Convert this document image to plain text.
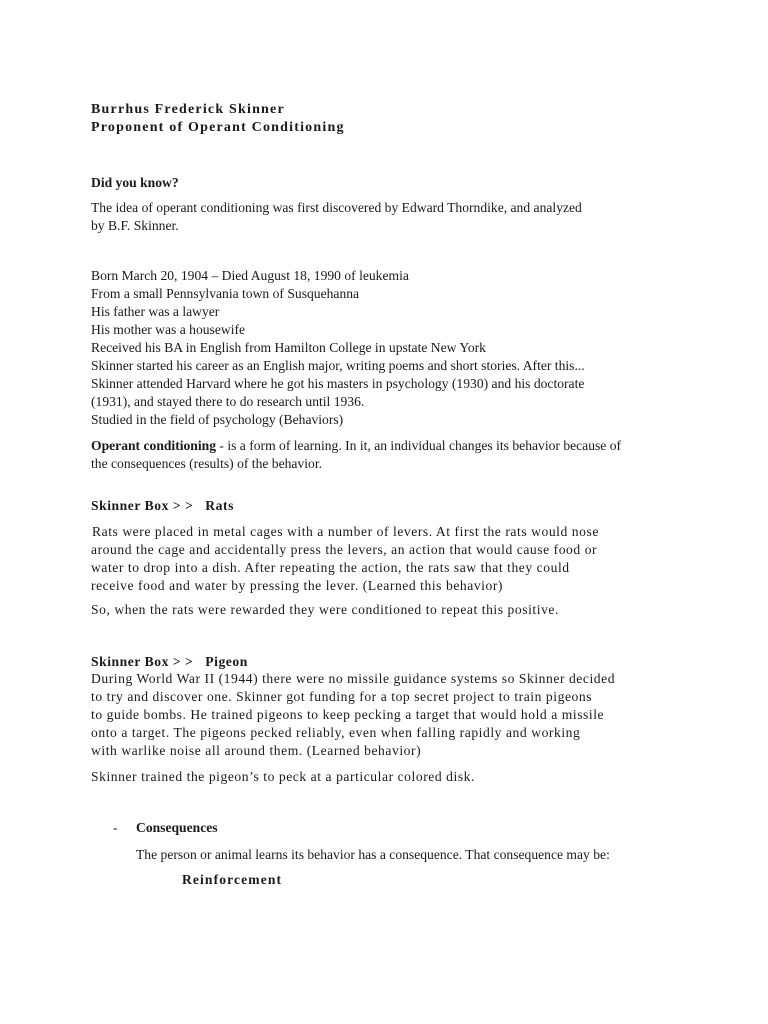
Burrhus Frederick Skinner
Proponent of Operant Conditioning
Did you know?
The idea of operant conditioning was first discovered by Edward Thorndike, and analyzed
by B.F. Skinner.
Born March 20, 1904 – Died August 18, 1990 of leukemia
From a small Pennsylvania town of Susquehanna
His father was a lawyer
His mother was a housewife
Received his BA in English from Hamilton College in upstate New York
Skinner started his career as an English major, writing poems and short stories. After this...
Skinner attended Harvard where he got his masters in psychology (1930) and his doctorate
(1931), and stayed there to do research until 1936.
Studied in the field of psychology (Behaviors)
Operant conditioning - is a form of learning. In it, an individual changes its behavior because of
the consequences (results) of the behavior.
Skinner Box > >   Rats
Rats were placed in metal cages with a number of levers. At first the rats would nose
around the cage and accidentally press the levers, an action that would cause food or
water to drop into a dish. After repeating the action, the rats saw that they could
receive food and water by pressing the lever. (Learned this behavior)
So, when the rats were rewarded they were conditioned to repeat this positive.
Skinner Box > >   Pigeon
During World War II (1944) there were no missile guidance systems so Skinner decided
to try and discover one. Skinner got funding for a top secret project to train pigeons
to guide bombs. He trained pigeons to keep pecking a target that would hold a missile
onto a target. The pigeons pecked reliably, even when falling rapidly and working
with warlike noise all around them. (Learned behavior)
Skinner trained the pigeon’s to peck at a particular colored disk.
- Consequences
The person or animal learns its behavior has a consequence. That consequence may be:
Reinforcement
